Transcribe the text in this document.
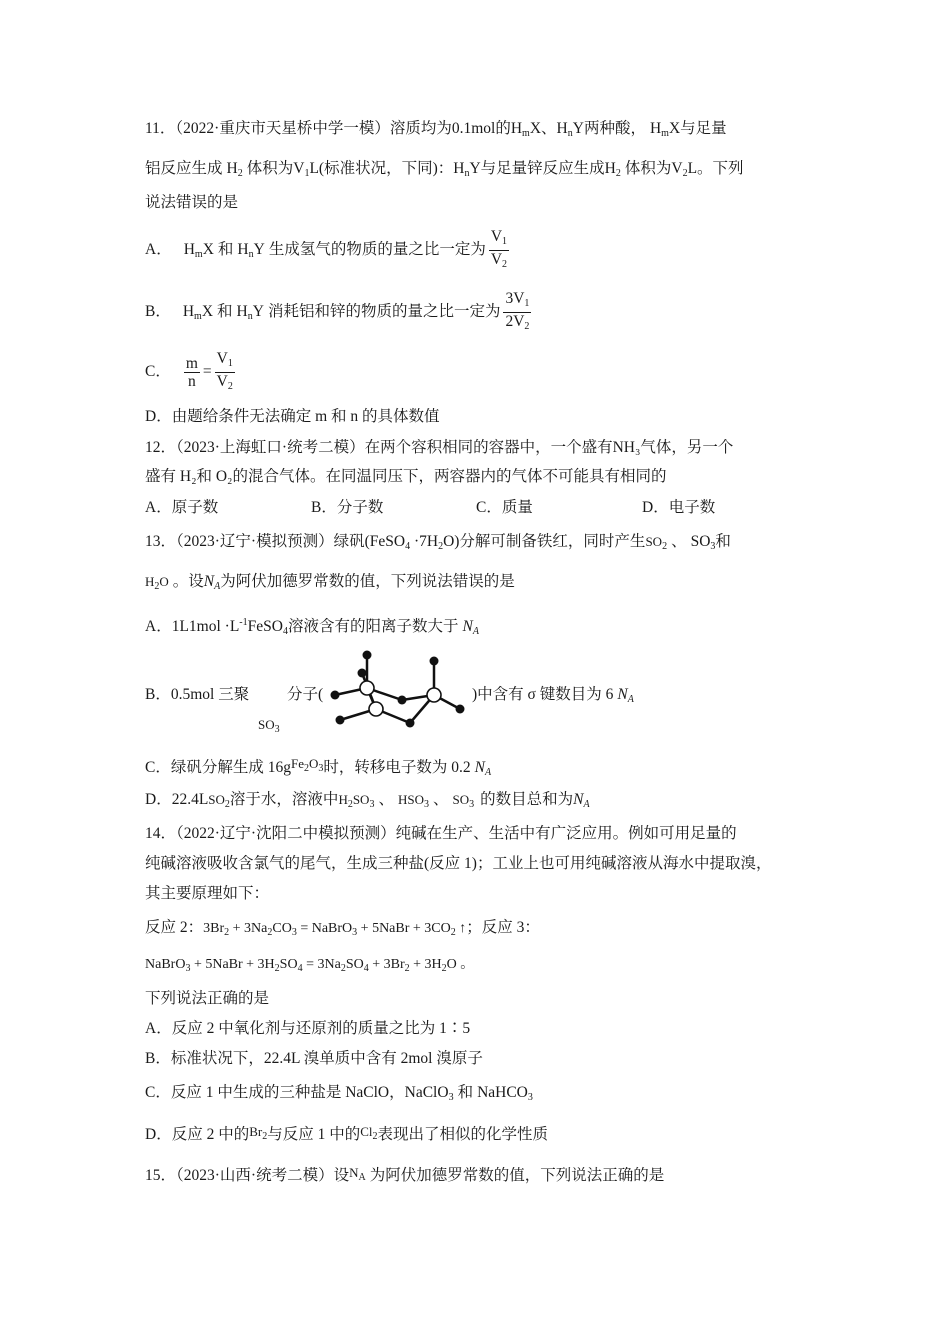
11．（2022·重庆市天星桥中学一模）溶质均为0.1mol的$H_mX$、$H_nY$两种酸， $H_mX$与足量
铝反应生成 $H_2$ 体积为$V_1L$(标准状况，下同)：$H_nY$与足量锌反应生成$H_2$ 体积为$V_2L$。下列
说法错误的是
A． $H_mX$ 和 $H_nY$ 生成氢气的物质的量之比一定为 $\frac{V_1}{V_2}$
B． $H_mX$ 和 $H_nY$ 消耗铝和锌的物质的量之比一定为 $\frac{3V_1}{2V_2}$
C． $\frac{m}{n} = \frac{V_1}{V_2}$
D．由题给条件无法确定 m 和 n 的具体数值
12．（2023·上海虹口·统考二模）在两个容积相同的容器中，一个盛有NH₃气体，另一个
盛有 H₂和 O₂的混合气体。在同温同压下，两容器内的气体不可能具有相同的
A．原子数	B．分子数	C．质量	D．电子数
13．（2023·辽宁·模拟预测）绿矾(FeSO$_4$ $\cdot 7H_2O$)分解可制备铁红，同时产生$SO_2$ 、 $SO_3$和
$H_2O$ 。设$N_A$为阿伏加德罗常数的值，下列说法错误的是
A．$1L1mol \cdot L^{-1}FeSO_4$溶液含有的阳离子数大于 $N_A$
B．0.5mol 三聚
$SO_3$
分子(	)中含有 σ 键数目为 6 $N_A$
C．绿矾分解生成 $16g^{Fe_2O_3}$时，转移电子数为 0.2 $N_A$
D．$22.4LSO_2$溶于水，溶液中$H_2SO_3$ 、 $HSO_3$ 、 $SO_3$ 的数目总和为$N_A$
14．（2022·辽宁·沈阳二中模拟预测）纯碱在生产、生活中有广泛应用。例如可用足量的
纯碱溶液吸收含氯气的尾气，生成三种盐(反应 1)；工业上也可用纯碱溶液从海水中提取溴，
其主要原理如下：
反应 2：$3Br_2 + 3Na_2CO_3$ = NaBrO$_3$ + 5NaBr + $3CO_2$ ↑；反应 3：
NaBrO$_3$ + 5NaBr + $3H_2SO_4 = 3Na_2SO_4 + 3Br_2 + 3H_2O$ 。
下列说法正确的是
A．反应 2 中氧化剂与还原剂的质量之比为 1∶5
B．标准状况下，22.4L 溴单质中含有 2mol 溴原子
C．反应 1 中生成的三种盐是 NaClO，NaClO$_3$ 和 NaHCO$_3$
D．反应 2 中的$Br_2$与反应 1 中的$Cl_2$表现出了相似的化学性质
15．（2023·山西·统考二模）设$N_A$ 为阿伏加德罗常数的值，下列说法正确的是
